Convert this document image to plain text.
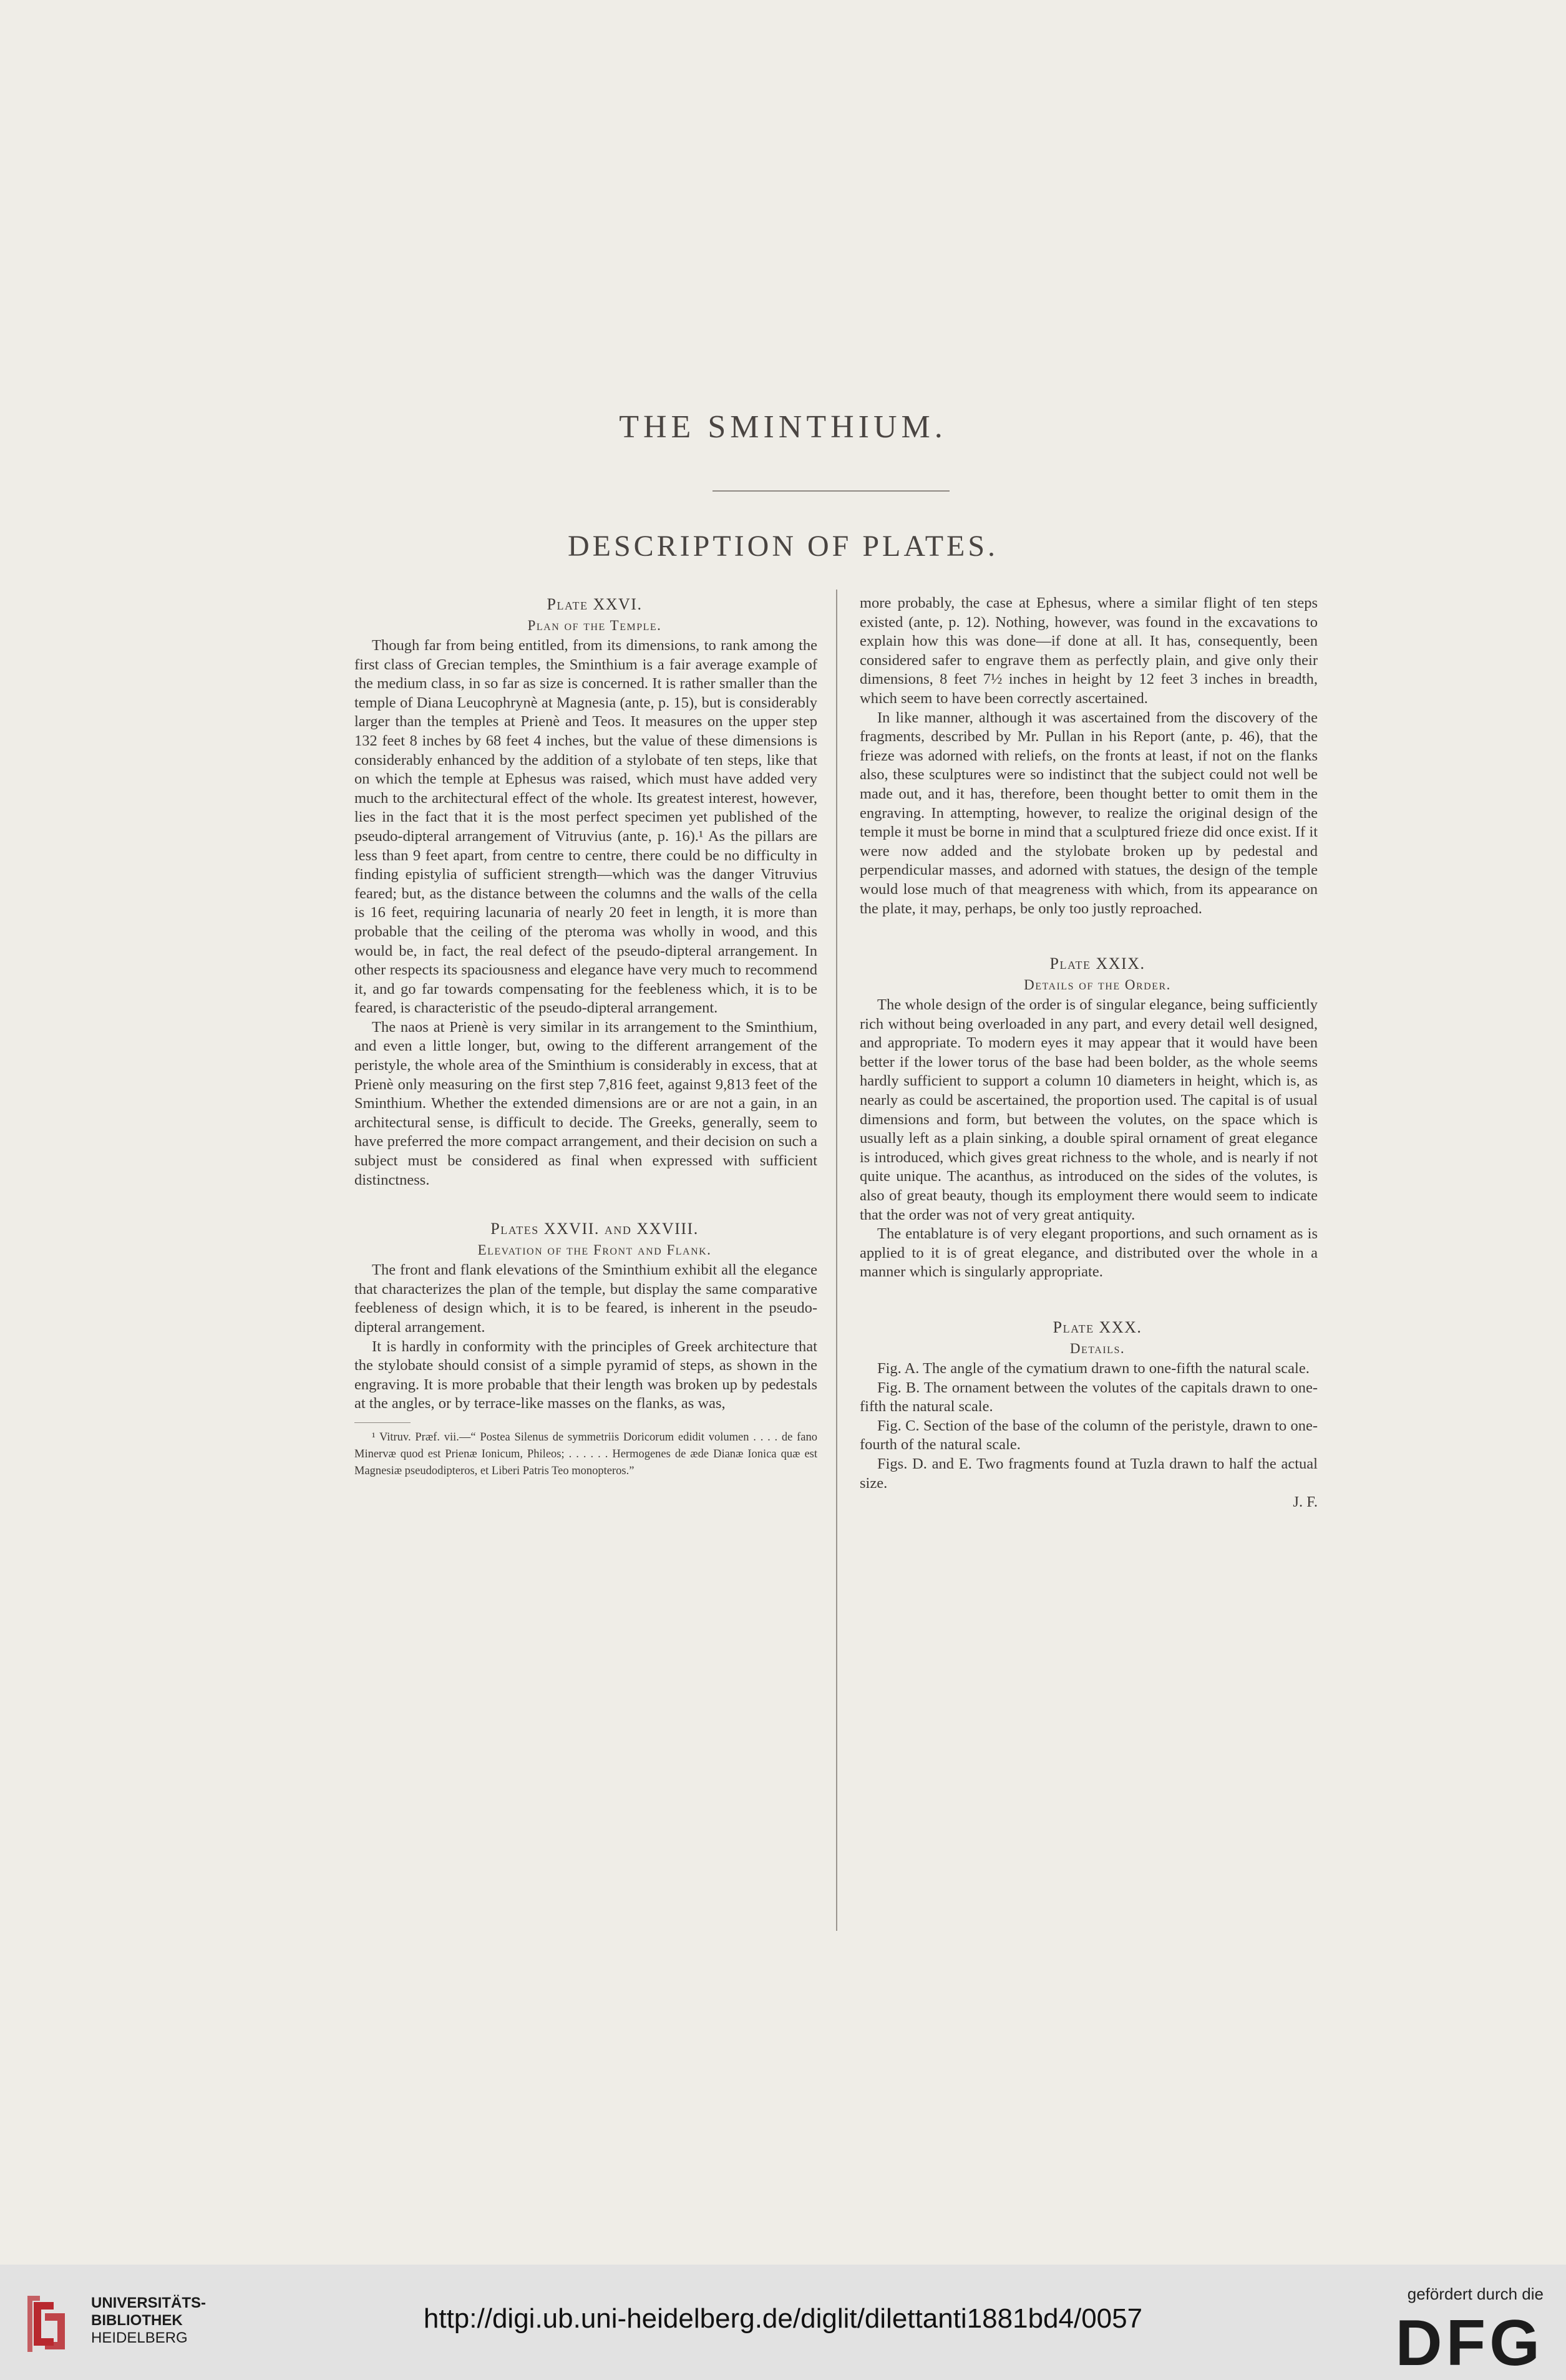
THE SMINTHIUM.
DESCRIPTION OF PLATES.

Plate XXVI.

Plan of the Temple.

Though far from being entitled, from its dimensions, to rank among the first class of Grecian temples, the Sminthium is a fair average example of the medium class, in so far as size is concerned. It is rather smaller than the temple of Diana Leucophrynè at Magnesia (ante, p. 15), but is considerably larger than the temples at Prienè and Teos. It measures on the upper step 132 feet 8 inches by 68 feet 4 inches, but the value of these dimensions is considerably enhanced by the addition of a stylobate of ten steps, like that on which the temple at Ephesus was raised, which must have added very much to the architectural effect of the whole. Its greatest interest, however, lies in the fact that it is the most perfect specimen yet published of the pseudo-dipteral arrangement of Vitruvius (ante, p. 16).¹ As the pillars are less than 9 feet apart, from centre to centre, there could be no difficulty in finding epistylia of sufficient strength—which was the danger Vitruvius feared; but, as the distance between the columns and the walls of the cella is 16 feet, requiring lacunaria of nearly 20 feet in length, it is more than probable that the ceiling of the pteroma was wholly in wood, and this would be, in fact, the real defect of the pseudo-dipteral arrangement. In other respects its spaciousness and elegance have very much to recommend it, and go far towards compensating for the feebleness which, it is to be feared, is characteristic of the pseudo-dipteral arrangement.

The naos at Prienè is very similar in its arrangement to the Sminthium, and even a little longer, but, owing to the different arrangement of the peristyle, the whole area of the Sminthium is considerably in excess, that at Prienè only measuring on the first step 7,816 feet, against 9,813 feet of the Sminthium. Whether the extended dimensions are or are not a gain, in an architectural sense, is difficult to decide. The Greeks, generally, seem to have preferred the more compact arrangement, and their decision on such a subject must be considered as final when expressed with sufficient distinctness.

Plates XXVII. and XXVIII.

Elevation of the Front and Flank.

The front and flank elevations of the Sminthium exhibit all the elegance that characterizes the plan of the temple, but display the same comparative feebleness of design which, it is to be feared, is inherent in the pseudo-dipteral arrangement.

It is hardly in conformity with the principles of Greek architecture that the stylobate should consist of a simple pyramid of steps, as shown in the engraving. It is more probable that their length was broken up by pedestals at the angles, or by terrace-like masses on the flanks, as was,

¹ Vitruv. Præf. vii.—“ Postea Silenus de symmetriis Doricorum edidit volumen . . . . de fano Minervæ quod est Prienæ Ionicum, Phileos; . . . . . . Hermogenes de æde Dianæ Ionica quæ est Magnesiæ pseudodipteros, et Liberi Patris Teo monopteros.”

more probably, the case at Ephesus, where a similar flight of ten steps existed (ante, p. 12). Nothing, however, was found in the excavations to explain how this was done—if done at all. It has, consequently, been considered safer to engrave them as perfectly plain, and give only their dimensions, 8 feet 7½ inches in height by 12 feet 3 inches in breadth, which seem to have been correctly ascertained.

In like manner, although it was ascertained from the discovery of the fragments, described by Mr. Pullan in his Report (ante, p. 46), that the frieze was adorned with reliefs, on the fronts at least, if not on the flanks also, these sculptures were so indistinct that the subject could not well be made out, and it has, therefore, been thought better to omit them in the engraving. In attempting, however, to realize the original design of the temple it must be borne in mind that a sculptured frieze did once exist. If it were now added and the stylobate broken up by pedestal and perpendicular masses, and adorned with statues, the design of the temple would lose much of that meagreness with which, from its appearance on the plate, it may, perhaps, be only too justly reproached.

Plate XXIX.

Details of the Order.

The whole design of the order is of singular elegance, being sufficiently rich without being overloaded in any part, and every detail well designed, and appropriate. To modern eyes it may appear that it would have been better if the lower torus of the base had been bolder, as the whole seems hardly sufficient to support a column 10 diameters in height, which is, as nearly as could be ascertained, the proportion used. The capital is of usual dimensions and form, but between the volutes, on the space which is usually left as a plain sinking, a double spiral ornament of great elegance is introduced, which gives great richness to the whole, and is nearly if not quite unique. The acanthus, as introduced on the sides of the volutes, is also of great beauty, though its employment there would seem to indicate that the order was not of very great antiquity.

The entablature is of very elegant proportions, and such ornament as is applied to it is of great elegance, and distributed over the whole in a manner which is singularly appropriate.

Plate XXX.

Details.

Fig. A. The angle of the cymatium drawn to one-fifth the natural scale.

Fig. B. The ornament between the volutes of the capitals drawn to one-fifth the natural scale.

Fig. C. Section of the base of the column of the peristyle, drawn to one-fourth of the natural scale.

Figs. D. and E. Two fragments found at Tuzla drawn to half the actual size.

J. F.

UNIVERSITÄTS-
BIBLIOTHEK
HEIDELBERG
http://digi.ub.uni-heidelberg.de/diglit/dilettanti1881bd4/0057
gefördert durch die
DFG
